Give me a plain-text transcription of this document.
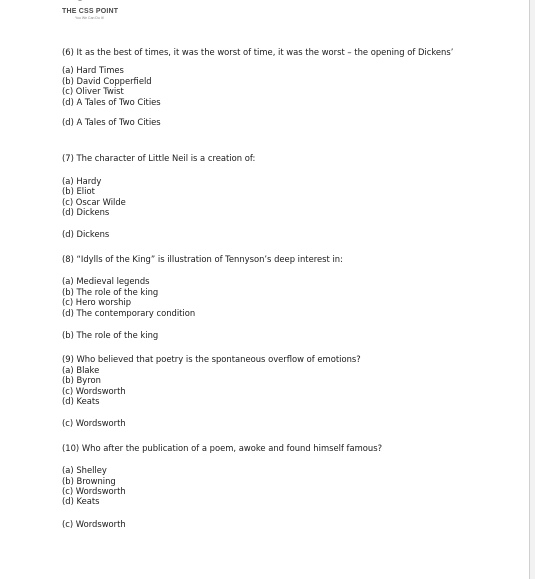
THE CSS POINT
You We Can Do It!

(6) It as the best of times, it was the worst of time, it was the worst – the opening of Dickens’

(a) Hard Times

(b) David Copperfield

(c) Oliver Twist

(d) A Tales of Two Cities

(d) A Tales of Two Cities

(7) The character of Little Neil is a creation of:

(a) Hardy

(b) Eliot

(c) Oscar Wilde

(d) Dickens

(d) Dickens

(8) “Idylls of the King” is illustration of Tennyson’s deep interest in:

(a) Medieval legends

(b) The role of the king

(c) Hero worship

(d) The contemporary condition

(b) The role of the king

(9) Who believed that poetry is the spontaneous overflow of emotions?

(a) Blake

(b) Byron

(c) Wordsworth

(d) Keats

(c) Wordsworth

(10) Who after the publication of a poem, awoke and found himself famous?

(a) Shelley

(b) Browning

(c) Wordsworth

(d) Keats

(c) Wordsworth
